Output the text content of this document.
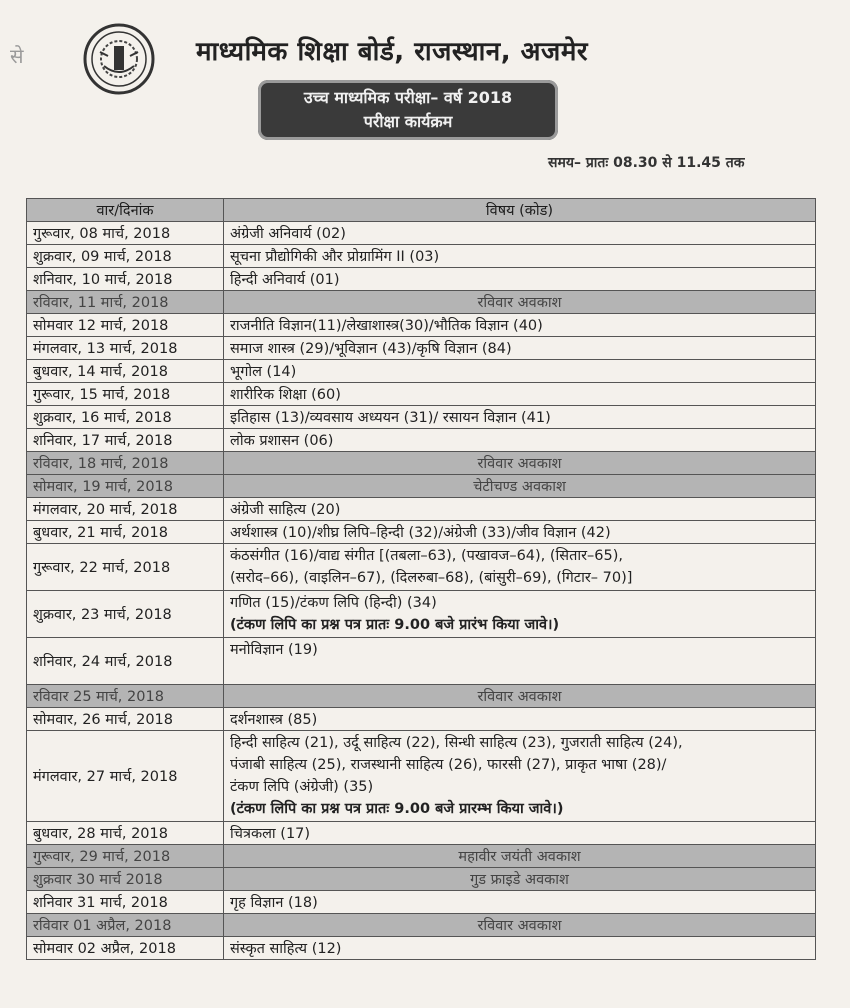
से	माध्यमिक शिक्षा बोर्ड, राजस्थान, अजमेर
उच्च माध्यमिक परीक्षा– वर्ष 2018
परीक्षा कार्यक्रम
समय– प्रातः 08.30 से 11.45 तक
वार/दिनांक	विषय (कोड)
गुरूवार, 08 मार्च, 2018	अंग्रेजी अनिवार्य (02)
शुक्रवार, 09 मार्च, 2018	सूचना प्रौद्योगिकी और प्रोग्रामिंग II (03)
शनिवार, 10 मार्च, 2018	हिन्दी अनिवार्य (01)
रविवार, 11 मार्च, 2018	रविवार अवकाश
सोमवार 12 मार्च, 2018	राजनीति विज्ञान(11)/लेखाशास्त्र(30)/भौतिक विज्ञान (40)
मंगलवार, 13 मार्च, 2018	समाज शास्त्र (29)/भूविज्ञान (43)/कृषि विज्ञान (84)
बुधवार, 14 मार्च, 2018	भूगोल (14)
गुरूवार, 15 मार्च, 2018	शारीरिक शिक्षा (60)
शुक्रवार, 16 मार्च, 2018	इतिहास (13)/व्यवसाय अध्ययन (31)/ रसायन विज्ञान (41)
शनिवार, 17 मार्च, 2018	लोक प्रशासन (06)
रविवार, 18 मार्च, 2018	रविवार अवकाश
सोमवार, 19 मार्च, 2018	चेटीचण्ड अवकाश
मंगलवार, 20 मार्च, 2018	अंग्रेजी साहित्य (20)
बुधवार, 21 मार्च, 2018	अर्थशास्त्र (10)/शीघ्र लिपि–हिन्दी (32)/अंग्रेजी (33)/जीव विज्ञान (42)
गुरूवार, 22 मार्च, 2018	कंठसंगीत (16)/वाद्य संगीत [(तबला–63), (पखावज–64), (सितार–65),
(सरोद–66), (वाइलिन–67), (दिलरुबा–68), (बांसुरी–69), (गिटार– 70)]

शुक्रवार, 23 मार्च, 2018	गणित (15)/टंकण लिपि (हिन्दी) (34)
(टंकण लिपि का प्रश्न पत्र प्रातः 9.00 बजे प्रारंभ किया जावे।)

शनिवार, 24 मार्च, 2018	मनोविज्ञान (19)

रविवार 25 मार्च, 2018	रविवार अवकाश
सोमवार, 26 मार्च, 2018	दर्शनशास्त्र (85)
मंगलवार, 27 मार्च, 2018	हिन्दी साहित्य (21), उर्दू साहित्य (22), सिन्धी साहित्य (23), गुजराती साहित्य (24),
पंजाबी साहित्य (25), राजस्थानी साहित्य (26), फारसी (27), प्राकृत भाषा (28)/
टंकण लिपि (अंग्रेजी) (35)
(टंकण लिपि का प्रश्न पत्र प्रातः 9.00 बजे प्रारम्भ किया जावे।)

बुधवार, 28 मार्च, 2018	चित्रकला (17)
गुरूवार, 29 मार्च, 2018	महावीर जयंती अवकाश
शुक्रवार 30 मार्च 2018	गुड फ्राइडे अवकाश
शनिवार 31 मार्च, 2018	गृह विज्ञान (18)
रविवार 01 अप्रैल, 2018	रविवार अवकाश
सोमवार 02 अप्रैल, 2018	संस्कृत साहित्य (12)
